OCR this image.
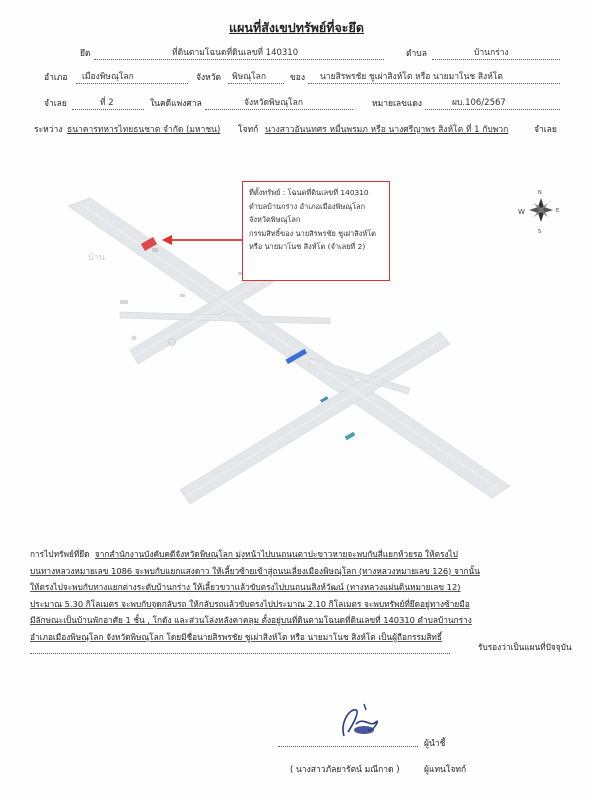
แผนที่สังเขปทรัพย์ที่จะยึด
ยึด	ที่ดินตามโฉนดที่ดินเลขที่ 140310	ตำบล	บ้านกร่าง
อำเภอ เมืองพิษณุโลก	จังหวัด พิษณุโลก	ของ นายสิรพรชัย ชูเผ่าสิงห์โต หรือ นายมาโนช สิงห์โต
จำเลย	ที่ 2	ในคดีแพ่งศาล	จังหวัดพิษณุโลก	หมายเลขแดง	ผบ.106/2567
ระหว่าง ธนาคารทหารไทยธนชาต จำกัด (มหาชน) โจทก์ นางสาวอันนทศร หมื่นพรมภ หรือ นางศรีญาพร สิงห์โต ที่ 1 กับพวก	จำเลย
บ้าน
·
N
S
E
W
ที่ตั้งทรัพย์ : โฉนดที่ดินเลขที่ 140310
ตำบลบ้านกร่าง อำเภอเมืองพิษณุโลก
จังหวัดพิษณุโลก
กรรมสิทธิ์ของ นายสิรพรชัย ชูเผ่าสิงห์โต
หรือ นายมาโนช สิงห์โต (จำเลยที่ 2)
การไปทรัพย์ที่ยึด จากสำนักงานบังคับคดีจังหวัดพิษณุโลก มุ่งหน้าไปบนถนนตาปะขาวหายจะพบกับสี่แยกห้วยรอ ให้ตรงไป
บนทางหลวงหมายเลข 1086 จะพบกับแยกแสงดาว ให้เลี้ยวซ้ายเข้าสู่ถนนเลี่ยงเมืองพิษณุโลก (ทางหลวงหมายเลข 126) จากนั้น
ให้ตรงไปจะพบกับทางแยกต่างระดับบ้านกร่าง ให้เลี้ยวขวาแล้วขับตรงไปบนถนนสิงห์วัฒน์ (ทางหลวงแผ่นดินหมายเลข 12)
ประมาณ 5.30 กิโลเมตร จะพบกับจุดกลับรถ ให้กลับรถแล้วขับตรงไปประมาณ 2.10 กิโลเมตร จะพบทรัพย์ที่ยึดอยู่ทางซ้ายมือ
มีลักษณะเป็นบ้านพักอาศัย 1 ชั้น , โกดัง และส่วนโล่งหลังคาคลุม ตั้งอยู่บนที่ดินตามโฉนดที่ดินเลขที่ 140310 ตำบลบ้านกร่าง
อำเภอเมืองพิษณุโลก จังหวัดพิษณุโลก โดยมีชื่อนายสิรพรชัย ชูเผ่าสิงห์โต หรือ นายมาโนช สิงห์โต เป็นผู้ถือกรรมสิทธิ์
รับรองว่าเป็นแผนที่ปัจจุบัน
ผู้นำชี้
( นางสาวภัลยารัตน์ มณีกาด )	ผู้แทนโจทก์
